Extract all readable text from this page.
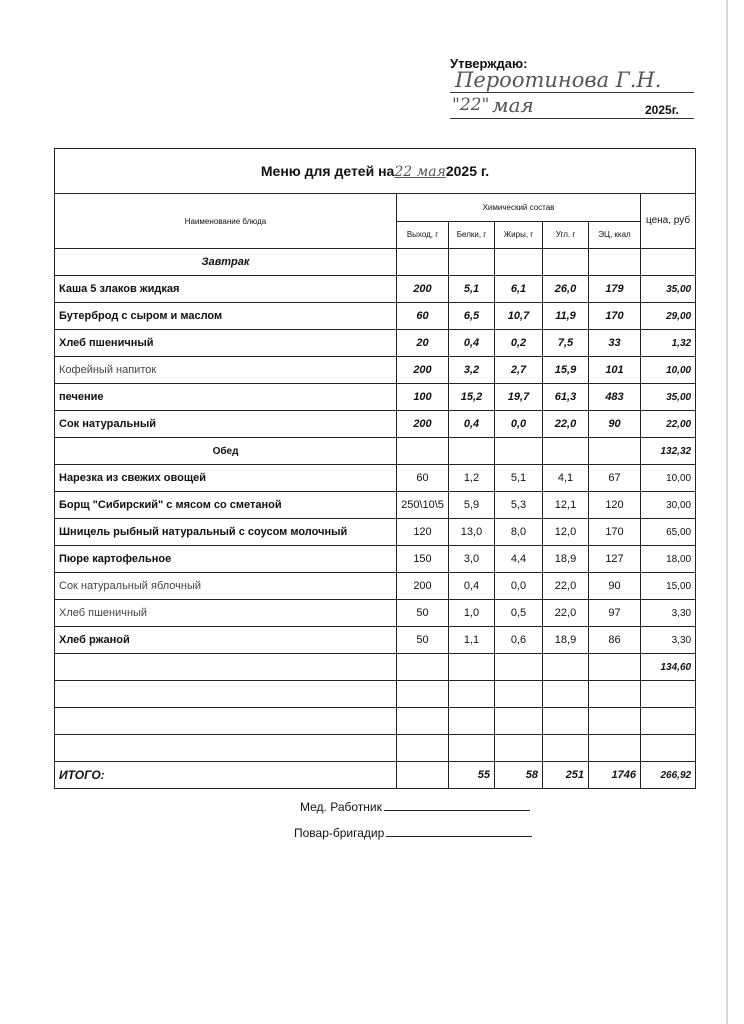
Утверждаю:
Пероотинова Г.Н.
"22" мая	2025г.
Меню для детей на22 мая2025 г.						
Наименование блюда	Химический состав					цена, руб
	Выход, г	Белки, г	Жиры, г	Угл. г	ЭЦ, ккал	
Завтрак						
Каша 5 злаков жидкая	200	5,1	6,1	26,0	179	35,00
Бутерброд с сыром и маслом	60	6,5	10,7	11,9	170	29,00
Хлеб пшеничный	20	0,4	0,2	7,5	33	1,32
Кофейный напиток	200	3,2	2,7	15,9	101	10,00
печение	100	15,2	19,7	61,3	483	35,00
Сок натуральный	200	0,4	0,0	22,0	90	22,00
Обед						132,32
Нарезка из свежих овощей	60	1,2	5,1	4,1	67	10,00
Борщ "Сибирский" с мясом со сметаной	250\10\5	5,9	5,3	12,1	120	30,00
Шницель рыбный натуральный с соусом молочный	120	13,0	8,0	12,0	170	65,00
Пюре картофельное	150	3,0	4,4	18,9	127	18,00
Сок натуральный яблочный	200	0,4	0,0	22,0	90	15,00
Хлеб пшеничный	50	1,0	0,5	22,0	97	3,30
Хлеб ржаной	50	1,1	0,6	18,9	86	3,30
						134,60

ИТОГО:		55	58	251	1746	266,92
Мед. Работник
Повар-бригадир
